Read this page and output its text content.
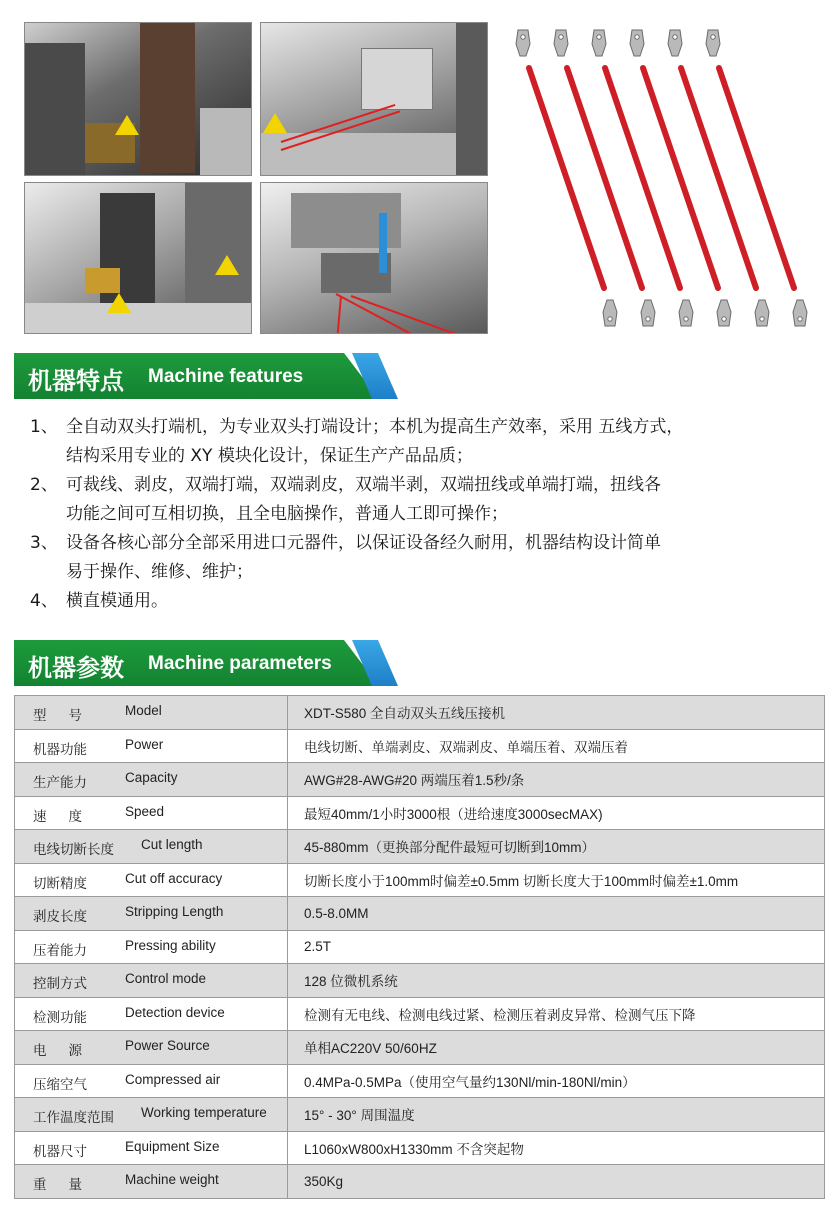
机器特点 Machine features
1、 全自动双头打端机，为专业双头打端设计；本机为提高生产效率，采用 五线方式，
结构采用专业的 XY 模块化设计，保证生产产品品质；
2、 可裁线、剥皮，双端打端，双端剥皮，双端半剥，双端扭线或单端打端，扭线各
功能之间可互相切换，且全电脑操作，普通人工即可操作；
3、 设备各核心部分全部采用进口元器件，以保证设备经久耐用，机器结构设计简单
易于操作、维修、维护；
4、 横直模通用。
机器参数 Machine parameters
型号 Model	XDT-S580 全自动双头五线压接机

机器功能 Power	电线切断、单端剥皮、双端剥皮、单端压着、双端压着

生产能力 Capacity	AWG#28-AWG#20 两端压着1.5秒/条

速度 Speed	最短40mm/1小时3000根（进给速度3000secMAX)

电线切断长度 Cut length	45-880mm（更换部分配件最短可切断到10mm）

切断精度 Cut off accuracy	切断长度小于100mm时偏差±0.5mm 切断长度大于100mm时偏差±1.0mm

剥皮长度 Stripping Length	0.5-8.0MM

压着能力 Pressing ability	2.5T

控制方式 Control mode	128 位微机系统

检测功能 Detection device	检测有无电线、检测电线过紧、检测压着剥皮异常、检测气压下降

电源 Power Source	单相AC220V 50/60HZ

压缩空气 Compressed air	0.4MPa-0.5MPa（使用空气量约130Nl/min-180Nl/min）

工作温度范围 Working temperature	15° - 30° 周围温度

机器尺寸 Equipment Size	L1060xW800xH1330mm 不含突起物

重量 Machine weight	350Kg
